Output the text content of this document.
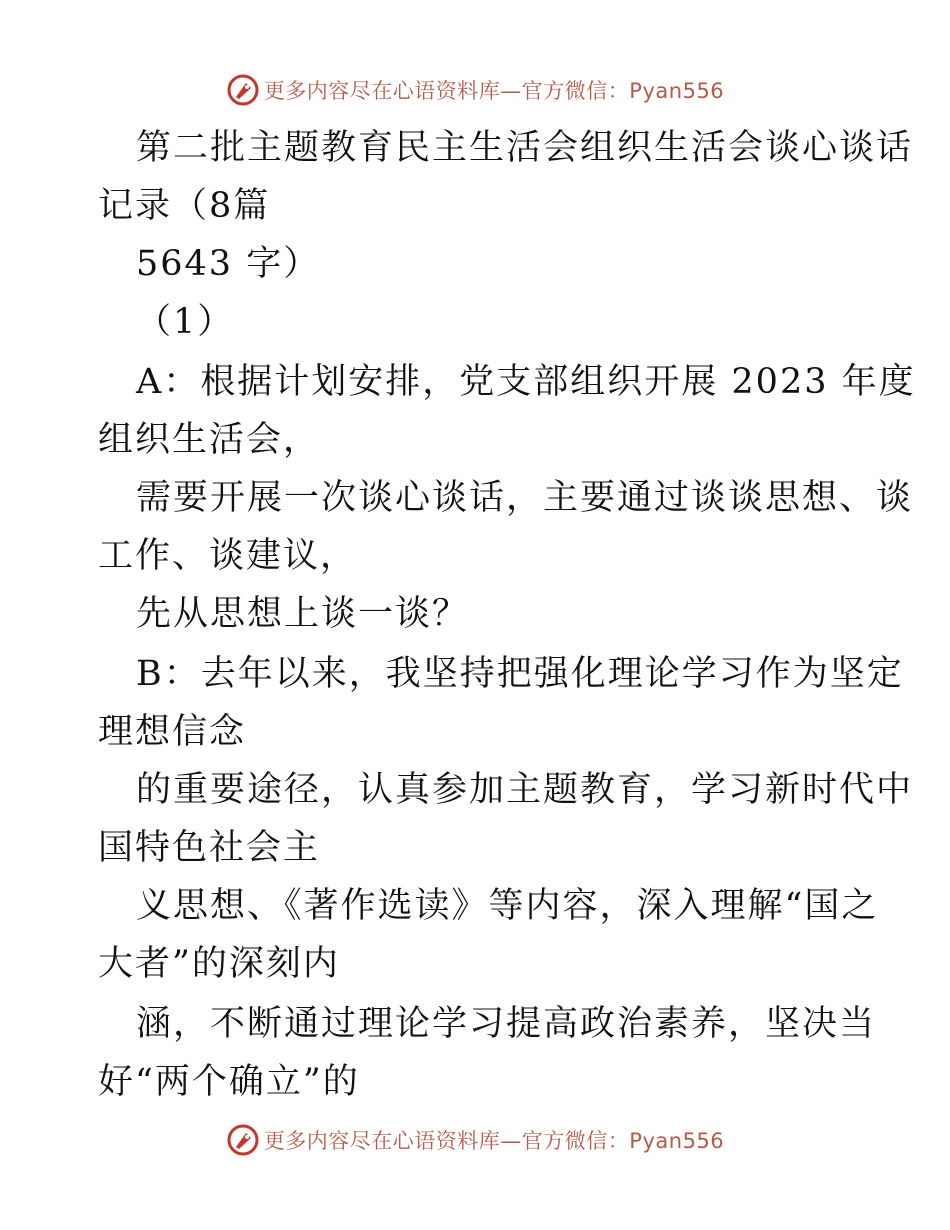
更多内容尽在心语资料库—官方微信：Pyan556
第二批主题教育民主生活会组织生活会谈心谈话
记录（8篇
5643 字）
（1）
A：根据计划安排，党支部组织开展 2023 年度
组织生活会，
需要开展一次谈心谈话，主要通过谈谈思想、谈
工作、谈建议，
先从思想上谈一谈？
B：去年以来，我坚持把强化理论学习作为坚定
理想信念
的重要途径，认真参加主题教育，学习新时代中
国特色社会主
义思想、《著作选读》等内容，深入理解“国之
大者”的深刻内
涵，不断通过理论学习提高政治素养，坚决当
好“两个确立”的
更多内容尽在心语资料库—官方微信：Pyan556
